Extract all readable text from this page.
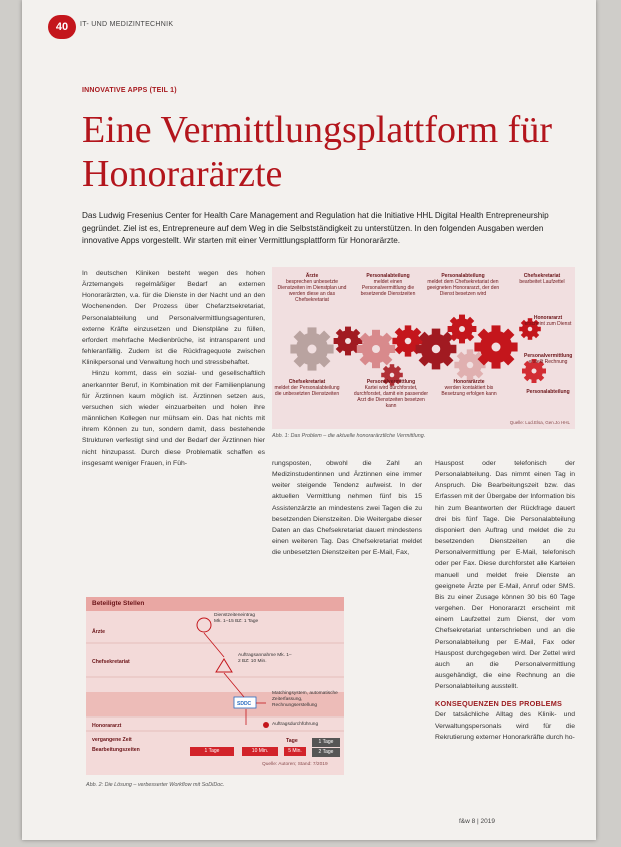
40	IT- UND MEDIZINTECHNIK
INNOVATIVE APPS (TEIL 1)
Eine Vermittlungsplattform für Honorarärzte
Das Ludwig Fresenius Center for Health Care Management and Regulation hat die Initiative HHL Digital Health Entrepreneurship gegründet. Ziel ist es, Entrepreneure auf dem Weg in die Selbstständigkeit zu unterstützen. In den folgenden Ausgaben werden innovative Apps vorgestellt. Wir starten mit einer Vermittlungsplattform für Honorarärzte.

In deutschen Kliniken besteht wegen des hohen Ärztemangels regelmäßiger Bedarf an externen Honorarärzten, v.a. für die Dienste in der Nacht und an den Wochenenden. Der Prozess über Chefarztsekretariat, Personalabteilung und Personalvermittlungsagenturen, externe Kräfte einzusetzen und Dienstpläne zu füllen, erfordert mehrfache Medienbrüche, ist intransparent und fehleranfällig. Zudem ist die Rückfragequote zwischen Klinikpersonal und Verwaltung hoch und stressbehaftet.

Hinzu kommt, dass ein sozial- und gesellschaftlich anerkannter Beruf, in Kombination mit der Familienplanung für Ärztinnen kaum möglich ist. Ärztinnen setzen aus, versuchen sich wieder einzuarbeiten und holen ihre männlichen Kollegen nur mühsam ein. Das hat nichts mit ihrem Können zu tun, sondern damit, dass bestehende Strukturen verfestigt sind und der Bedarf der Ärztinnen hier nicht hinzupasst. Durch diese Problematik schaffen es insgesamt weniger Frauen, in Füh-

Ärzte
besprechen unbesetzte Dienstzeiten im Dienstplan und werden diese an das Chefsekretariat
Personalabteilung
meldet einen Personalvermittlung die besetzende Dienstzeiten
Personalabteilung
meldet dem Chefsekretariat den geeigneten Honorararzt, der den Dienst besetzen wird
Chefsekretariat
bearbeitet Laufzettel
Chefsekretariat
meldet der Personalabteilung die unbesetzten Dienstzeiten
Personalvermittlung
Kartei wird durchforstet, durchforstet, damit ein passender Arzt die Dienstzeiten besetzen kann
Honorarärzte
werden kontaktiert bis Besetzung erfolgen kann
Honorararzt
erscheint zum Dienst
Personalvermittlung
erstellt Rechnung
Personalabteilung
Quelle: Lud.Elsa, Gen.Jo HHL
Abb. 1: Das Problem – die aktuelle honorarärztliche Vermittlung.

rungsposten, obwohl die Zahl an Medizinstudentinnen und Ärztinnen eine immer weiter steigende Tendenz aufweist. In der aktuellen Vermittlung nehmen fünf bis 15 Assistenzärzte an mindestens zwei Tagen die zu besetzenden Dienstzeiten. Die Weitergabe dieser Daten an das Chefsekretariat dauert mindestens einen weiteren Tag. Das Chefsekretariat meldet die unbesetzten Dienstzeiten per E-Mail, Fax,

Hauspost oder telefonisch der Personalabteilung. Das nimmt einen Tag in Anspruch. Die Bearbeitungszeit bzw. das Erfassen mit der Übergabe der Information bis hin zum Beantworten der Rückfrage dauert drei bis fünf Tage. Die Personalabteilung disponiert den Auftrag und meldet die zu besetzenden Dienstzeiten an die Personalvermittlung per E-Mail, telefonisch oder per Fax. Diese durchforstet alle Karteien manuell und meldet freie Dienste an geeignete Ärzte per E-Mail, Anruf oder SMS. Bis zu einer Zusage können 30 bis 60 Tage vergehen. Der Honorararzt erscheint mit einem Laufzettel zum Dienst, der vom Chefsekretariat unterschrieben und an die Personalabteilung per E-Mail, Fax oder Hauspost durchgegeben wird. Der Zettel wird auch an die Personalvermittlung ausgehändigt, die eine Rechnung an die Personalabteilung ausstellt.

KONSEQUENZEN DES PROBLEMS

Der tatsächliche Alltag des Klinik- und Verwaltungspersonals wird für die Rekrutierung externer Honorarkräfte durch ho-

Beteiligte Stellen
Ärzte
Chefsekretariat
Honorararzt
SDDC
Dienstzeiteneintrag Mk. 1–15 BZ: 1 Tage
Auftragsannahme Mk. 1–2 BZ: 10 Min.
Matchingsystem, automatische Zeiterfassung, Rechnungserstellung
Auftragsdurchführung
vergangene Zeit
Bearbeitungszeiten
Tage
1 Tage	10 Min.	5 Min.
1 Tage
2 Tage
Quelle: Autoren; Stand: 7/2019
Abb. 2: Die Lösung – verbesserter Workflow mit SoDiDoc.
f&w 8 | 2019
